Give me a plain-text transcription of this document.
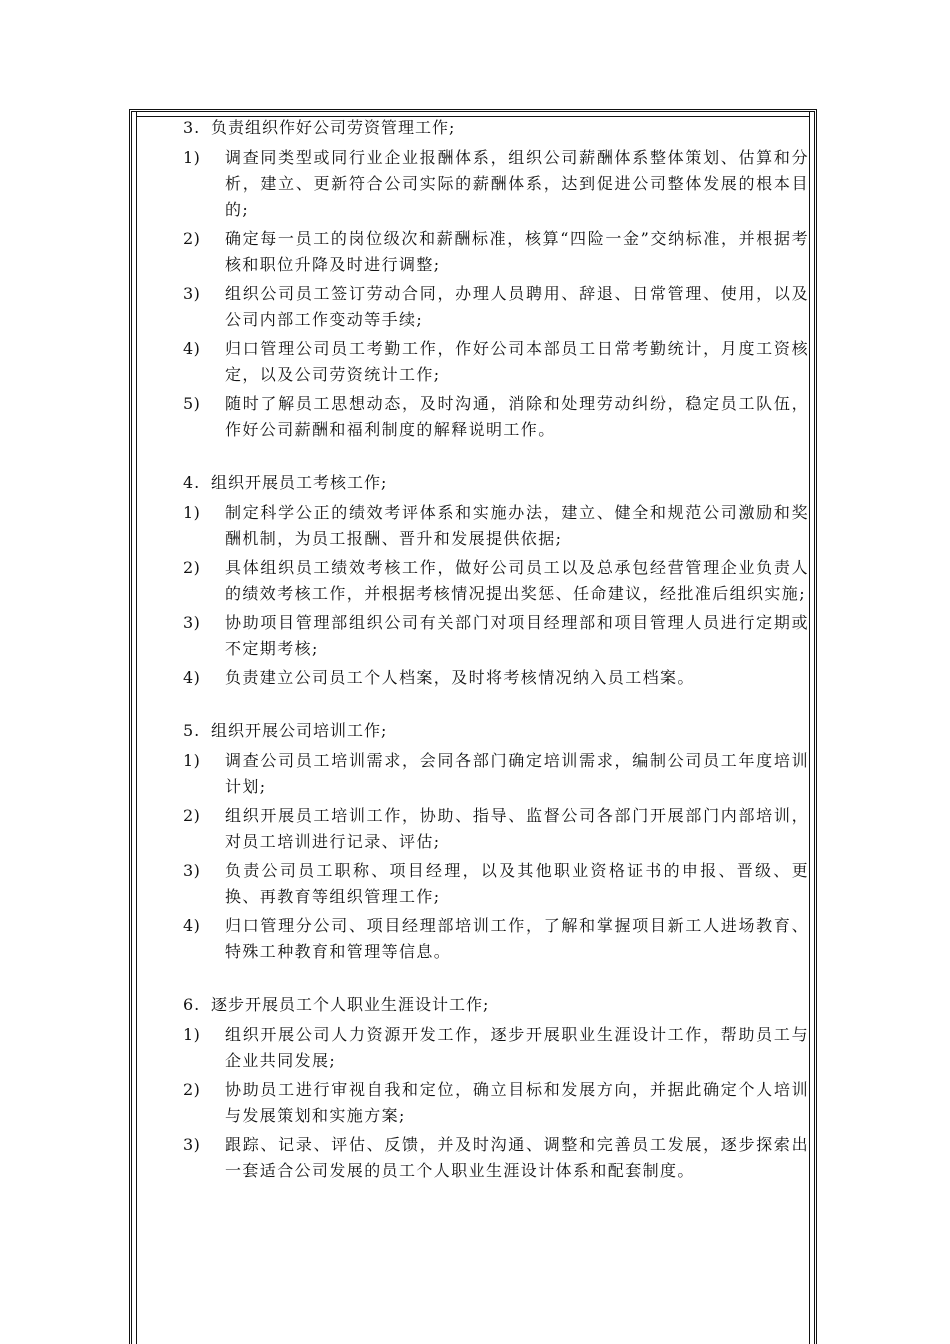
3. 负责组织作好公司劳资管理工作;
1)	调查同类型或同行业企业报酬体系，组织公司薪酬体系整体策划、估算和分析，建立、更新符合公司实际的薪酬体系，达到促进公司整体发展的根本目的;
2)	确定每一员工的岗位级次和薪酬标准，核算“四险一金”交纳标准，并根据考核和职位升降及时进行调整;
3)	组织公司员工签订劳动合同，办理人员聘用、辞退、日常管理、使用，以及公司内部工作变动等手续;
4)	归口管理公司员工考勤工作，作好公司本部员工日常考勤统计，月度工资核定，以及公司劳资统计工作;
5)	随时了解员工思想动态，及时沟通，消除和处理劳动纠纷，稳定员工队伍，作好公司薪酬和福利制度的解释说明工作。
4. 组织开展员工考核工作;
1)	制定科学公正的绩效考评体系和实施办法，建立、健全和规范公司激励和奖酬机制，为员工报酬、晋升和发展提供依据;
2)	具体组织员工绩效考核工作，做好公司员工以及总承包经营管理企业负责人的绩效考核工作，并根据考核情况提出奖惩、任命建议，经批准后组织实施;
3)	协助项目管理部组织公司有关部门对项目经理部和项目管理人员进行定期或不定期考核;
4)	负责建立公司员工个人档案，及时将考核情况纳入员工档案。
5. 组织开展公司培训工作;
1)	调查公司员工培训需求，会同各部门确定培训需求，编制公司员工年度培训计划;
2)	组织开展员工培训工作，协助、指导、监督公司各部门开展部门内部培训，对员工培训进行记录、评估;
3)	负责公司员工职称、项目经理，以及其他职业资格证书的申报、晋级、更换、再教育等组织管理工作;
4)	归口管理分公司、项目经理部培训工作，了解和掌握项目新工人进场教育、特殊工种教育和管理等信息。
6. 逐步开展员工个人职业生涯设计工作;
1)	组织开展公司人力资源开发工作，逐步开展职业生涯设计工作，帮助员工与企业共同发展;
2)	协助员工进行审视自我和定位，确立目标和发展方向，并据此确定个人培训与发展策划和实施方案;
3)	跟踪、记录、评估、反馈，并及时沟通、调整和完善员工发展，逐步探索出一套适合公司发展的员工个人职业生涯设计体系和配套制度。
